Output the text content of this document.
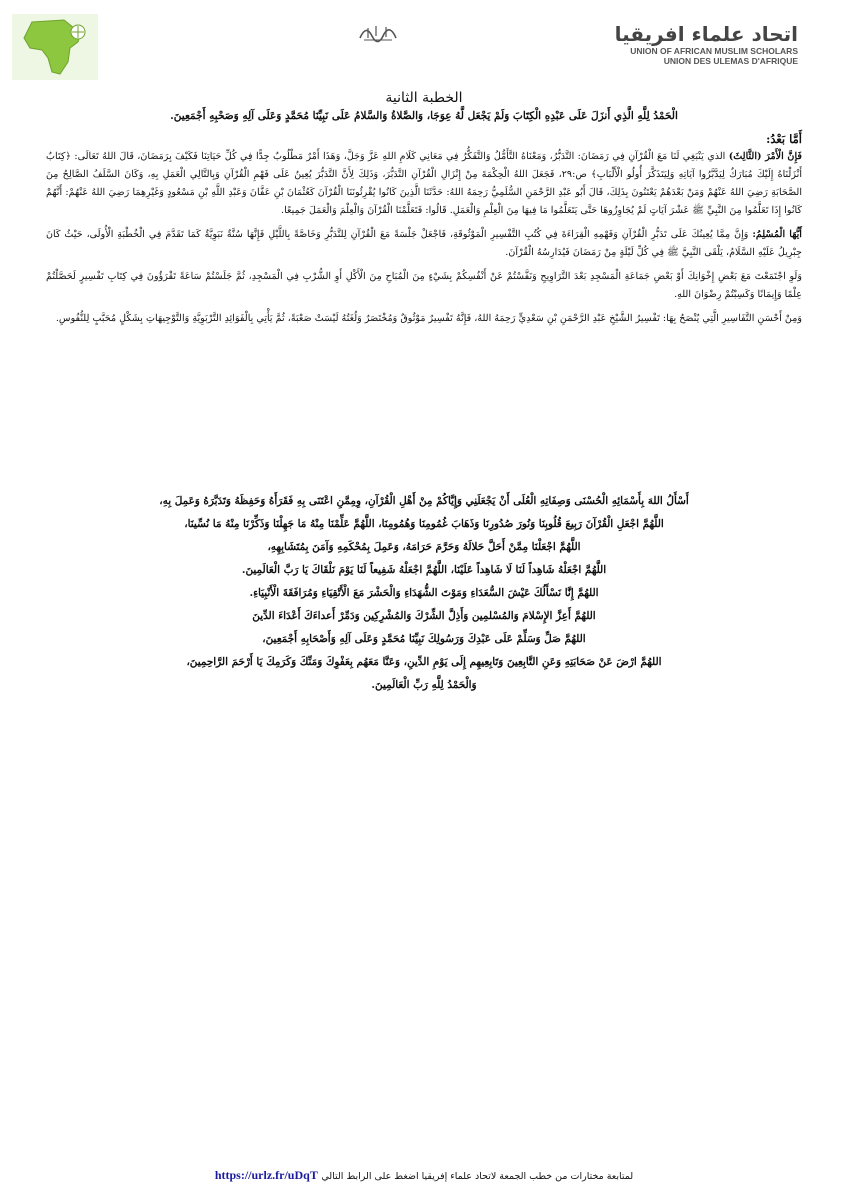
اتحاد علماء افريقيا
UNION OF AFRICAN MUSLIM SCHOLARS
UNION DES ULEMAS D'AFRIQUE
الخطبة الثانية
الْحَمْدُ لِلَّهِ الَّذِي أَنزَلَ عَلَى عَبْدِهِ الْكِتَابَ وَلَمْ يَجْعَل لَّهُ عِوَجَا، وَالصَّلاةُ وَالسَّلامُ عَلَى نَبِيِّنَا مُحَمَّدٍ وَعَلَى آلِهِ وَصَحْبِهِ أَجْمَعِينَ.
أَمَّا بَعْدُ:

فَإِنَّ الْأَمْرَ (الثَّالِثَ) الذي يَنْبَغِي لَنَا مَعَ الْقُرْآنِ فِي رَمَضَانَ: التَّدَبُّرُ، وَمَعْنَاهُ التَّأَمُّلُ وَالتَّفَكُّرُ فِي مَعَانِي كَلَامِ اللهِ عَزَّ وَجَلَّ، وَهَذَا أَمْرٌ مَطْلُوبٌ جِدًّا فِي كُلِّ حَيَاتِنَا فَكَيْفَ بِرَمَضَانَ، قَالَ اللهُ تَعَالَى: ﴿كِتَابٌ أَنْزَلْنَاهُ إِلَيْكَ مُبَارَكٌ لِيَدَّبَّرُوا آيَاتِهِ وَلِيَتَذَكَّرَ أُولُو الْأَلْبَابِ﴾ ص:٢٩، فَجَعَلَ اللهُ الْحِكْمَةَ مِنْ إِنْزَالِ الْقُرْآنِ التَّدَبُّرَ، وَذَلِكَ لِأَنَّ التَّدَبُّرَ يُعِينُ عَلَى فَهْمِ الْقُرْآنِ وَبِالتَّالِي الْعَمَلِ بِهِ، وَكَانَ السَّلَفُ الصَّالِحُ مِنَ الصَّحَابَةِ رَضِيَ اللهُ عَنْهُمْ وَمَنْ بَعْدَهُمْ يَعْتَنُونَ بِذَلِكَ، قَالَ أَبُو عَبْدِ الرَّحْمَنِ السُّلَمِيُّ رَحِمَهُ اللهُ: حَدَّثَنَا الَّذِينَ كَانُوا يُقْرِئُونَنَا الْقُرْآنَ كَعُثْمَانَ بْنِ عَفَّانَ وَعَبْدِ اللَّهِ بْنِ مَسْعُودٍ وَغَيْرِهِمَا رَضِيَ اللهُ عَنْهُمْ: أَنَّهُمْ كَانُوا إِذَا تَعَلَّمُوا مِنَ النَّبِيِّ ﷺ عَشْرَ آيَاتٍ لَمْ يُجَاوِزُوهَا حَتَّى يَتَعَلَّمُوا مَا فِيهَا مِنَ الْعِلْمِ وَالْعَمَلِ. قَالُوا: فَتَعَلَّمْنَا الْقُرْآنَ وَالْعِلْمَ وَالْعَمَلَ جَمِيعًا.

أَيُّهَا الْمُسْلِمُ: وَإِنَّ مِمَّا يُعِينُكَ عَلَى تَدَبُّرِ الْقُرْآنِ وَفَهْمِهِ الْقِرَاءَةَ فِي كُتُبِ التَّفْسِيرِ الْمَوْثُوقَةِ، فَاجْعَلْ جَلْسَةً مَعَ الْقُرْآنِ لِلتَّدَبُّرِ وَخَاصَّةً بِاللَّيْلِ فَإِنَّهَا سُنَّةٌ نَبَوِيَّةٌ كَمَا تَقَدَّمَ فِي الْخُطْبَةِ الْأُولَى، حَيْثُ كَانَ جِبْرِيلُ عَلَيْهِ السَّلَامُ، يَلْقَى النَّبِيَّ ﷺ فِي كُلِّ لَيْلَةٍ مِنْ رَمَضَانَ فَيُدَارِسُهُ الْقُرْآنَ.

وَلَوِ اجْتَمَعْتَ مَعَ بَعْضِ إِخْوَانِكَ أَوْ بَعْضِ جَمَاعَةِ الْمَسْجِدِ بَعْدَ التَّرَاوِيحِ وَنَفَّسْتُمْ عَنْ أَنْفُسِكُمْ بِشَيْءٍ مِنَ الْمُبَاحِ مِنَ الْأَكْلِ أَوِ الشُّرْبِ فِي الْمَسْجِدِ، ثُمَّ جَلَسْتُمْ سَاعَةً تَقْرَؤُونَ فِي كِتَابِ تَفْسِيرٍ لَحَصَّلْتُمْ عِلْمًا وَإِيمَانًا وَكَسِبْتُمْ رِضْوَانَ اللهِ.

وَمِنْ أَحْسَنِ التَّفَاسِيرِ الَّتِي يُنْصَحُ بِهَا: تَفْسِيرُ الشَّيْخِ عَبْدِ الرَّحْمَنِ بْنِ سَعْدِيٍّ رَحِمَهُ اللهُ، فَإِنَّهُ تَفْسِيرٌ مَوْثُوقٌ وَمُخْتَصَرٌ وَلُغَتُهُ لَيْسَتْ صَعْبَةً، ثُمَّ يَأْتِي بِالْفَوَائِدِ التَّرْبَوِيَّةِ وَالتَّوْجِيهَاتِ بِشَكْلٍ مُحَبَّبٍ لِلنُّفُوسِ.

أَسْأَلُ اللهَ بِأَسْمَائِهِ الْحُسْنَى وَصِفَاتِهِ الْعُلَى أَنْ يَجْعَلَنِي وَإِيَّاكُمْ مِنْ أَهْلِ الْقُرْآنِ، وِمِمَّنِ اعْتَنَى بِهِ فَقَرَأَهُ وَحَفِظَهُ وَتَدَبَّرَهُ وَعَمِلَ بِهِ،

اللَّهُمَّ اجْعَلِ الْقُرْآنَ رَبِيعَ قُلُوبِنَا وَنُورَ صُدُورِنَا وَذَهَابَ غُمُومِنَا وَهُمُومِنَا، اللَّهُمَّ عَلِّمْنَا مِنْهُ مَا جَهِلْنَا وَذَكِّرْنَا مِنْهُ مَا نُسِّينَا،

اللَّهُمَّ اجْعَلْنَا مِمَّنْ أَحَلَّ حَلالَهُ وَحَرَّمَ حَرَامَهُ، وَعَمِلَ بِمُحْكَمِهِ وَآمَنَ بِمُتَشَابِهِهِ،

اللَّهُمَّ اجْعَلْهُ شَاهِداً لَنَا لَا شَاهِداً عَلَيْنَا، اللَّهُمَّ اجْعَلْهُ شَفِيعاً لَنَا يَوْمَ نَلْقَاكَ يَا رَبَّ الْعَالَمِينَ.

اللهُمَّ إِنَّا نَسْأَلُكَ عَيْشَ السُّعَدَاءِ وَمَوْتَ الشُّهَدَاءِ وَالْحَشْرَ مَعَ الْأَتْقِيَاءِ وَمُرَافَقَةَ الْأَنْبِيَاءِ.

اللهُمَّ أَعِزَّ الإِسْلامَ وَالمُسْلمِين وَأَذِلَّ الشِّرْكَ وَالمُشْرِكِين وَدَمِّرْ أَعداءَكَ أَعْدَاءَ الدِّينَ

اللهُمَّ صَلِّ وَسَلِّمْ عَلَى عَبْدِكَ وَرَسُولِكَ نَبِيِّنَا مُحَمَّدٍ وَعَلَى آلِهِ وَأَصْحَابِهِ أَجْمَعِينَ،

اللهُمَّ ارْضَ عَنْ صَحَابَتِهِ وَعَنِ التَّابِعِينَ وَتَابِعِيهِم إِلَى يَوْمِ الدِّينِ، وَعَنَّا مَعَهُم بِعَفْوِكَ وَمَنِّكَ وَكَرَمِكَ يَا أَرْحَمَ الرَّاحِمِينَ،

وَالْحَمْدُ لِلَّهِ رَبِّ الْعَالَمِينَ.

لمتابعة مختارات من خطب الجمعة لاتحاد علماء إفريقيا اضغط على الرابط التالي https://urlz.fr/uDqT
